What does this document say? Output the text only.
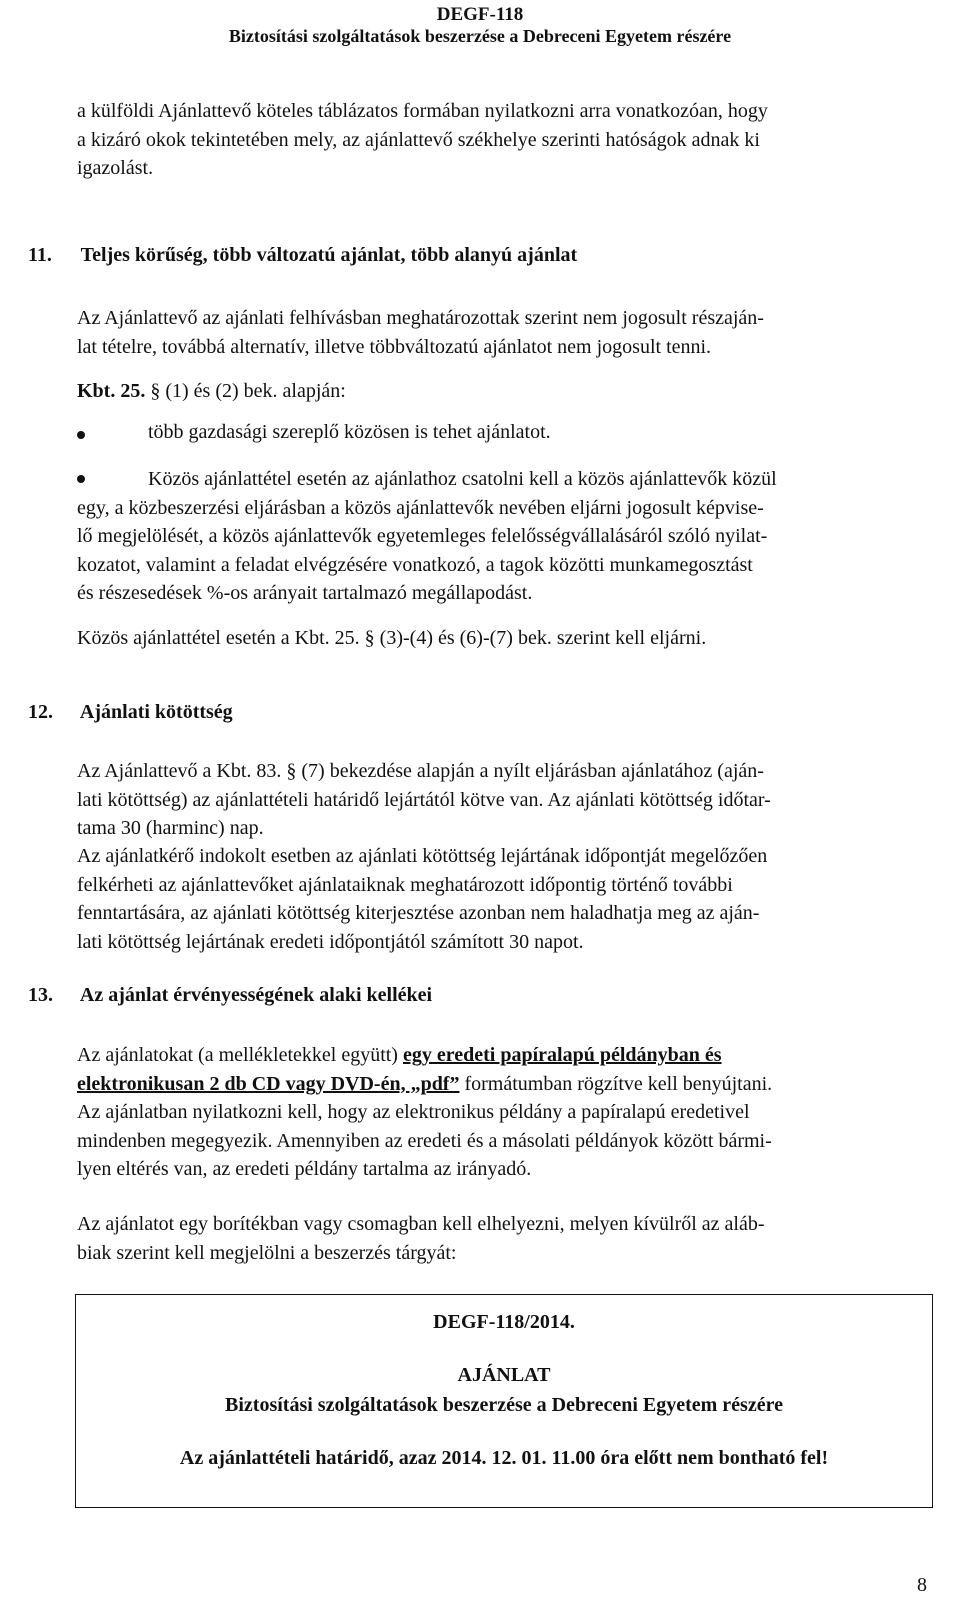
DEGF-118
Biztosítási szolgáltatások beszerzése a Debreceni Egyetem részére
a külföldi Ajánlattevő köteles táblázatos formában nyilatkozni arra vonatkozóan, hogy
a kizáró okok tekintetében mely, az ajánlattevő székhelye szerinti hatóságok adnak ki
igazolást.
11. Teljes körűség, több változatú ajánlat, több alanyú ajánlat
Az Ajánlattevő az ajánlati felhívásban meghatározottak szerint nem jogosult részaján-
lat tételre, továbbá alternatív, illetve többváltozatú ajánlatot nem jogosult tenni.
Kbt. 25. § (1) és (2) bek. alapján:
több gazdasági szereplő közösen is tehet ajánlatot.
Közös ajánlattétel esetén az ajánlathoz csatolni kell a közös ajánlattevők közül
egy, a közbeszerzési eljárásban a közös ajánlattevők nevében eljárni jogosult képvise-
lő megjelölését, a közös ajánlattevők egyetemleges felelősségvállalásáról szóló nyilat-
kozatot, valamint a feladat elvégzésére vonatkozó, a tagok közötti munkamegosztást
és részesedések %-os arányait tartalmazó megállapodást.
Közös ajánlattétel esetén a Kbt. 25. § (3)-(4) és (6)-(7) bek. szerint kell eljárni.
12. Ajánlati kötöttség
Az Ajánlattevő a Kbt. 83. § (7) bekezdése alapján a nyílt eljárásban ajánlatához (aján-
lati kötöttség) az ajánlattételi határidő lejártától kötve van. Az ajánlati kötöttség időtar-
tama 30 (harminc) nap.
Az ajánlatkérő indokolt esetben az ajánlati kötöttség lejártának időpontját megelőzően
felkérheti az ajánlattevőket ajánlataiknak meghatározott időpontig történő további
fenntartására, az ajánlati kötöttség kiterjesztése azonban nem haladhatja meg az aján-
lati kötöttség lejártának eredeti időpontjától számított 30 napot.
13. Az ajánlat érvényességének alaki kellékei
Az ajánlatokat (a mellékletekkel együtt) egy eredeti papíralapú példányban és
elektronikusan 2 db CD vagy DVD-én, „pdf” formátumban rögzítve kell benyújtani.
Az ajánlatban nyilatkozni kell, hogy az elektronikus példány a papíralapú eredetivel
mindenben megegyezik. Amennyiben az eredeti és a másolati példányok között bármi-
lyen eltérés van, az eredeti példány tartalma az irányadó.
Az ajánlatot egy borítékban vagy csomagban kell elhelyezni, melyen kívülről az aláb-
biak szerint kell megjelölni a beszerzés tárgyát:
DEGF-118/2014.
AJÁNLAT
Biztosítási szolgáltatások beszerzése a Debreceni Egyetem részére
Az ajánlattételi határidő, azaz 2014. 12. 01. 11.00 óra előtt nem bontható fel!
8
